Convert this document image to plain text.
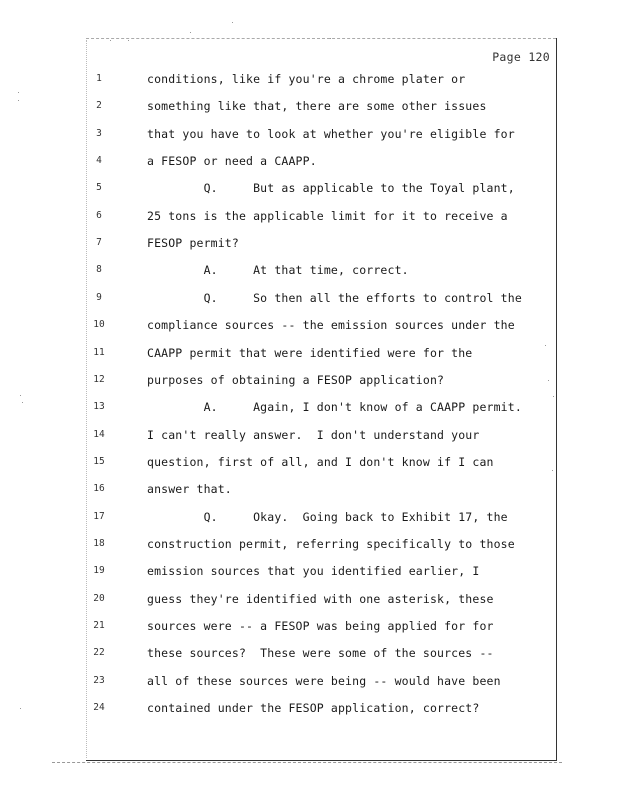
Page 120
1	conditions, like if you're a chrome plater or
2	something like that, there are some other issues
3	that you have to look at whether you're eligible for
4	a FESOP or need a CAAPP.
5	Q.     But as applicable to the Toyal plant,
6	25 tons is the applicable limit for it to receive a
7	FESOP permit?
8	A.     At that time, correct.
9	Q.     So then all the efforts to control the
10	compliance sources -- the emission sources under the
11	CAAPP permit that were identified were for the
12	purposes of obtaining a FESOP application?
13	A.     Again, I don't know of a CAAPP permit.
14	I can't really answer.  I don't understand your
15	question, first of all, and I don't know if I can
16	answer that.
17	Q.     Okay.  Going back to Exhibit 17, the
18	construction permit, referring specifically to those
19	emission sources that you identified earlier, I
20	guess they're identified with one asterisk, these
21	sources were -- a FESOP was being applied for for
22	these sources?  These were some of the sources --
23	all of these sources were being -- would have been
24	contained under the FESOP application, correct?
